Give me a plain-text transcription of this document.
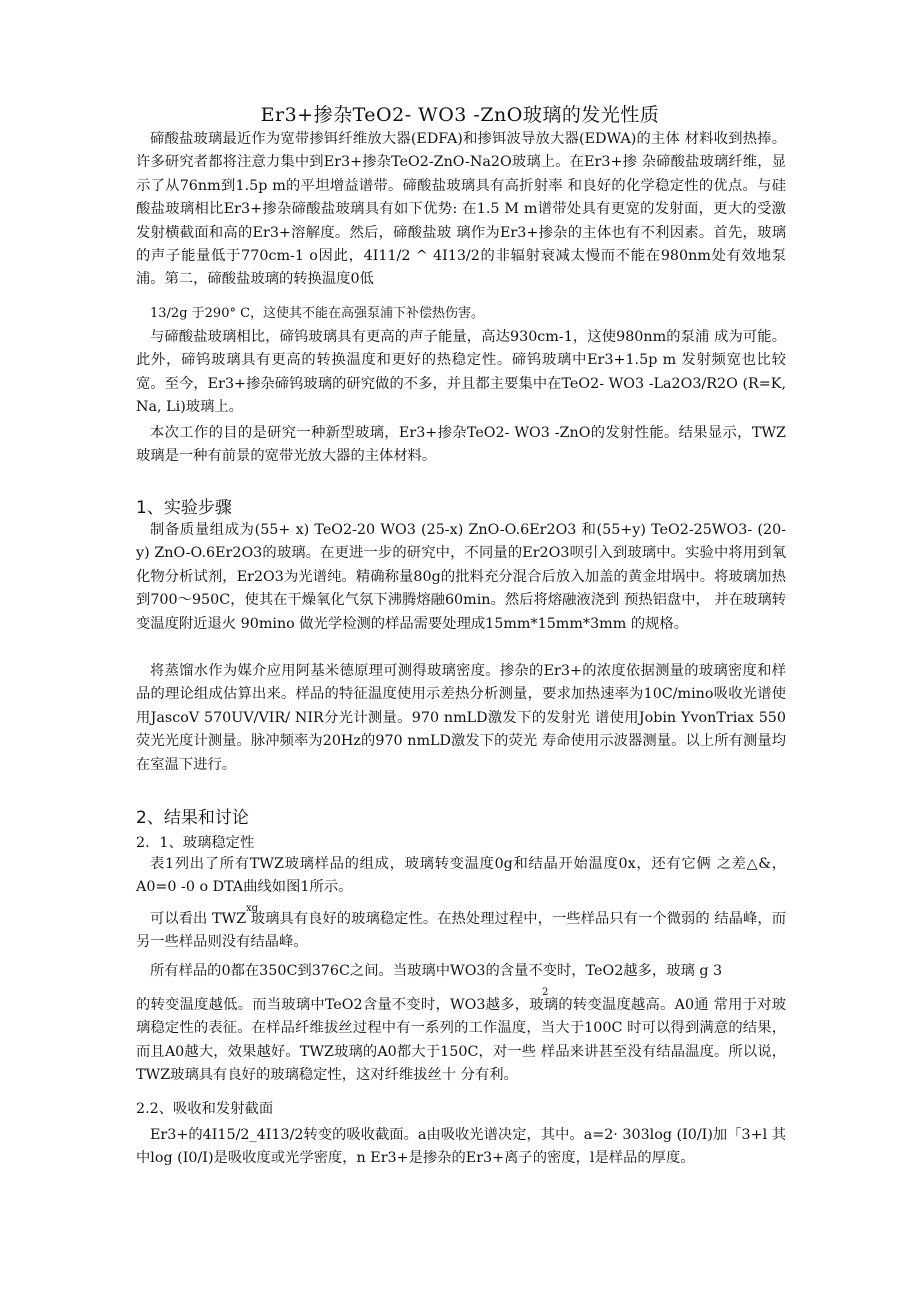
Er3+掺杂TeO2- WO3 -ZnO玻璃的发光性质
碲酸盐玻璃最近作为宽带掺铒纤维放大器(EDFA)和掺铒波导放大器(EDWA)的主体 材料收到热捧。许多研究者都将注意力集中到Er3+掺杂TeO2-ZnO-Na2O玻璃上。在Er3+掺 杂碲酸盐玻璃纤维，显示了从76nm到1.5p m的平坦增益谱带。碲酸盐玻璃具有高折射率 和良好的化学稳定性的优点。与硅酸盐玻璃相比Er3+掺杂碲酸盐玻璃具有如下优势: 在1.5 M m谱带处具有更宽的发射面，更大的受激发射横截面和高的Er3+溶解度。然后，碲酸盐玻 璃作为Er3+掺杂的主体也有不利因素。首先，玻璃的声子能量低于770cm-1 o因此，4I11/2 ^ 4I13/2的非辐射衰减太慢而不能在980nm处有效地泵浦。第二，碲酸盐玻璃的转换温度0低
13/2g 于290° C，这使其不能在高强泵浦下补偿热伤害。
与碲酸盐玻璃相比，碲钨玻璃具有更高的声子能量，高达930cm-1，这使980nm的泵浦 成为可能。此外，碲钨玻璃具有更高的转换温度和更好的热稳定性。碲钨玻璃中Er3+1.5p m 发射频宽也比较宽。至今，Er3+掺杂碲钨玻璃的研究做的不多，并且都主要集中在TeO2- WO3 -La2O3/R2O (R=K, Na, Li)玻璃上。
本次工作的目的是研究一种新型玻璃，Er3+掺杂TeO2- WO3 -ZnO的发射性能。结果显示，TWZ玻璃是一种有前景的宽带光放大器的主体材料。
1、实验步骤
制备质量组成为(55+ x) TeO2-20 WO3 (25-x) ZnO-O.6Er2O3 和(55+y) TeO2-25WO3- (20-y) ZnO-O.6Er2O3的玻璃。在更进一步的研究中，不同量的Er2O3呗引入到玻璃中。实验中将用到氧化物分析试剂，Er2O3为光谱纯。精确称量80g的批料充分混合后放入加盖的黄金坩埚中。将玻璃加热到700〜950C，使其在干燥氧化气氛下沸腾熔融60min。然后将熔融液浇到 预热铝盘中， 并在玻璃转变温度附近退火 90mino 做光学检测的样品需要处理成15mm*15mm*3mm 的规格。
将蒸馏水作为媒介应用阿基米德原理可测得玻璃密度。掺杂的Er3+的浓度依据测量的玻璃密度和样品的理论组成估算出来。样品的特征温度使用示差热分析测量，要求加热速率为10C/mino吸收光谱使用JascoV 570UV/VIR/ NIR分光计测量。970 nmLD激发下的发射光 谱使用Jobin YvonTriax 550荧光光度计测量。脉冲频率为20Hz的970 nmLD激发下的荧光 寿命使用示波器测量。以上所有测量均在室温下进行。
2、结果和讨论
2．1、玻璃稳定性
表1列出了所有TWZ玻璃样品的组成，玻璃转变温度0g和结晶开始温度0x，还有它俩 之差△&，A0=0 -0 o DTA曲线如图1所示。
xg
可以看出 TWZ 玻璃具有良好的玻璃稳定性。在热处理过程中，一些样品只有一个微弱的 结晶峰，而另一些样品则没有结晶峰。
所有样品的0都在350C到376C之间。当玻璃中WO3的含量不变时，TeO2越多，玻璃 g 3
2
的转变温度越低。而当玻璃中TeO2含量不变时，WO3越多，玻璃的转变温度越高。A0通 常用于对玻璃稳定性的表征。在样品纤维拔丝过程中有一系列的工作温度，当大于100C 时可以得到满意的结果，而且A0越大，效果越好。TWZ玻璃的A0都大于150C，对一些 样品来讲甚至没有结晶温度。所以说，TWZ玻璃具有良好的玻璃稳定性，这对纤维拔丝十 分有利。
2.2、吸收和发射截面
Er3+的4I15/2_4I13/2转变的吸收截面。a由吸收光谱决定，其中。a=2· 303log (I0/I)加「3+l 其中log (I0/I)是吸收度或光学密度，n Er3+是掺杂的Er3+离子的密度，l是样品的厚度。
